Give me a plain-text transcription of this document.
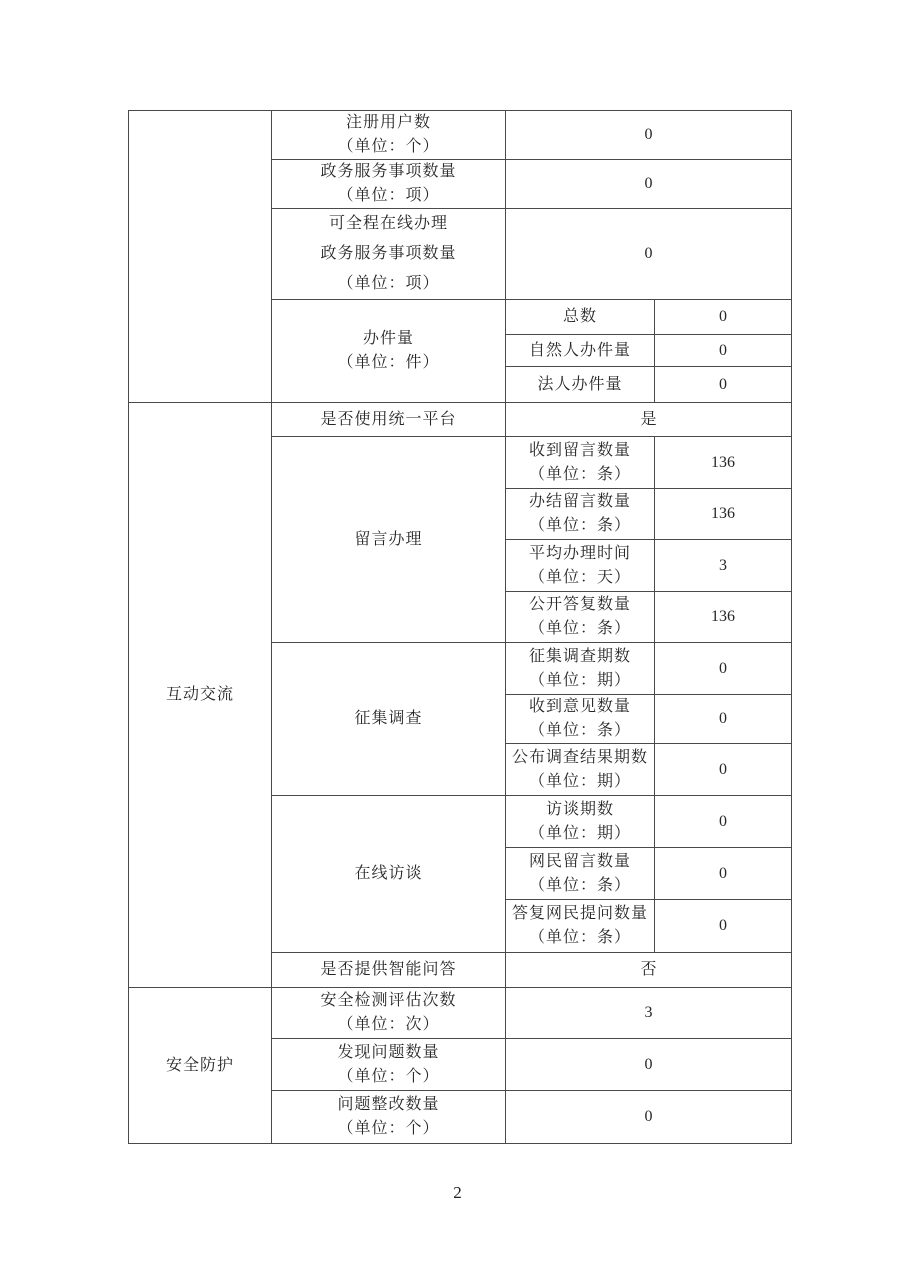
	注册用户数
（单位：个）	0	

	政务服务事项数量
（单位：项）	0	

	可全程在线办理
政务服务事项数量
（单位：项）	0	

	办件量
（单位：件）	总数	0

		自然人办件量	0

		法人办件量	0
互动交流	是否使用统一平台	是	

	留言办理	收到留言数量
（单位：条）	136

		办结留言数量
（单位：条）	136

		平均办理时间
（单位：天）	3

		公开答复数量
（单位：条）	136

	征集调查	征集调查期数
（单位：期）	0

		收到意见数量
（单位：条）	0

		公布调查结果期数
（单位：期）	0

	在线访谈	访谈期数
（单位：期）	0

		网民留言数量
（单位：条）	0

		答复网民提问数量
（单位：条）	0

	是否提供智能问答	否	
安全防护	安全检测评估次数
（单位：次）	3	

	发现问题数量
（单位：个）	0	

	问题整改数量
（单位：个）	0	
2
